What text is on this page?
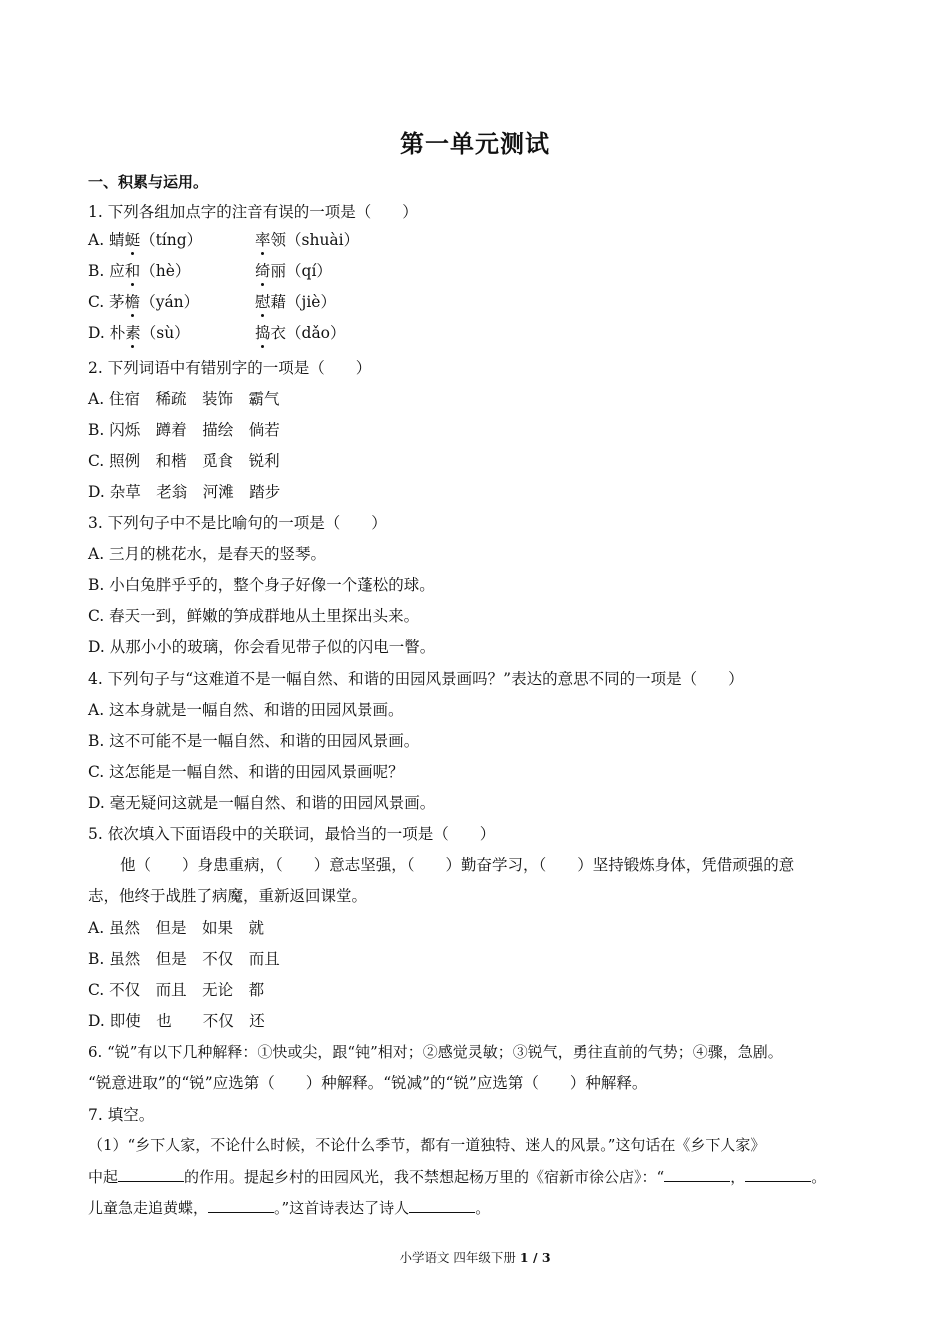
第一单元测试
一、积累与运用。
1. 下列各组加点字的注音有误的一项是（　　）
A. 蜻蜓（tíng）	率领（shuài）
B. 应和（hè）	绮丽（qí）
C. 茅檐（yán）	慰藉（jiè）
D. 朴素（sù）	捣衣（dǎo）
2. 下列词语中有错别字的一项是（　　）
A. 住宿　稀疏　装饰　霸气
B. 闪烁　蹲着　描绘　倘若
C. 照例　和楷　觅食　锐利
D. 杂草　老翁　河滩　踏步
3. 下列句子中不是比喻句的一项是（　　）
A. 三月的桃花水，是春天的竖琴。
B. 小白兔胖乎乎的，整个身子好像一个蓬松的球。
C. 春天一到，鲜嫩的笋成群地从土里探出头来。
D. 从那小小的玻璃，你会看见带子似的闪电一瞥。
4. 下列句子与“这难道不是一幅自然、和谐的田园风景画吗？”表达的意思不同的一项是（　　）
A. 这本身就是一幅自然、和谐的田园风景画。
B. 这不可能不是一幅自然、和谐的田园风景画。
C. 这怎能是一幅自然、和谐的田园风景画呢？
D. 毫无疑问这就是一幅自然、和谐的田园风景画。
5. 依次填入下面语段中的关联词，最恰当的一项是（　　）
他（　　）身患重病，（　　）意志坚强，（　　）勤奋学习，（　　）坚持锻炼身体，凭借顽强的意
志，他终于战胜了病魔，重新返回课堂。
A. 虽然　但是　如果　就
B. 虽然　但是　不仅　而且
C. 不仅　而且　无论　都
D. 即使　也　　不仅　还
6. “锐”有以下几种解释：①快或尖，跟“钝”相对；②感觉灵敏；③锐气，勇往直前的气势；④骤，急剧。
“锐意进取”的“锐”应选第（　　）种解释。“锐减”的“锐”应选第（　　）种解释。
7. 填空。
（1）“乡下人家，不论什么时候，不论什么季节，都有一道独特、迷人的风景。”这句话在《乡下人家》
中起	的作用。提起乡村的田园风光，我不禁想起杨万里的《宿新市徐公店》：“	，	。
儿童急走追黄蝶，	。”这首诗表达了诗人	。
小学语文 四年级下册 1 / 3
